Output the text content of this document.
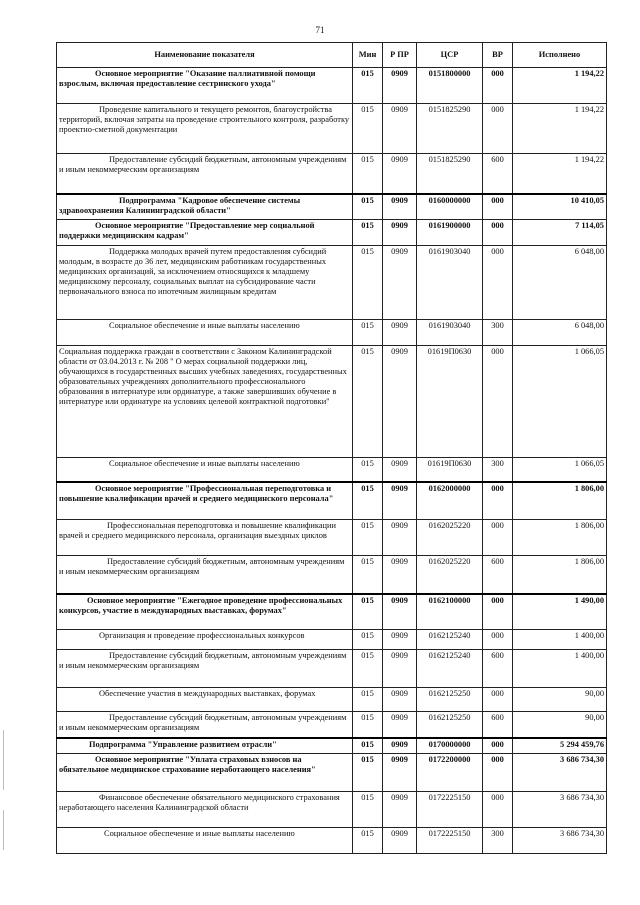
71
Наименование показателя	Мин	Р ПР	ЦСР	ВР	Исполнено
Основное мероприятие "Оказание паллиативной помощи взрослым, включая предоставление сестринского ухода"	015	0909	0151800000	000	1 194,22
Проведение капитального и текущего ремонтов, благоустройства территорий, включая затраты на проведение строительного контроля, разработку проектно-сметной документации	015	0909	0151825290	000	1 194,22
Предоставление субсидий бюджетным, автономным учреждениям и иным некоммерческим организациям	015	0909	0151825290	600	1 194,22
Подпрограмма "Кадровое обеспечение системы здравоохранения Калининградской области"	015	0909	0160000000	000	10 410,05
Основное мероприятие "Предоставление мер социальной поддержки медицинским кадрам"	015	0909	0161900000	000	7 114,05
Поддержка молодых врачей путем предоставления субсидий молодым, в возрасте до 36 лет, медицинским работникам государственных медицинских организаций, за исключением относящихся к младшему медицинскому персоналу, социальных выплат на субсидирование части первоначального взноса по ипотечным жилищным кредитам	015	0909	0161903040	000	6 048,00
Социальное обеспечение и иные выплаты населению	015	0909	0161903040	300	6 048,00
Социальная поддержка граждан в соответствии с Законом Калининградской области от 03.04.2013 г. № 208 " О мерах социальной поддержки лиц, обучающихся в государственных высших учебных заведениях, государственных образовательных учреждениях дополнительного профессионального образования в интернатуре или ординатуре, а также завершивших обучение в интернатуре или ординатуре на условиях целевой контрактной подготовки"	015	0909	01619П0630	000	1 066,05
Социальное обеспечение и иные выплаты населению	015	0909	01619П0630	300	1 066,05
Основное мероприятие "Профессиональная переподготовка и повышение квалификации врачей и среднего медицинского персонала"	015	0909	0162000000	000	1 806,00
Профессиональная переподготовка и повышение квалификации врачей и среднего медицинского персонала, организация выездных циклов	015	0909	0162025220	000	1 806,00
Предоставление субсидий бюджетным, автономным учреждениям и иным некоммерческим организациям	015	0909	0162025220	600	1 806,00
Основное мероприятие "Ежегодное проведение профессиональных конкурсов, участие в международных выставках, форумах"	015	0909	0162100000	000	1 490,00
Организация и проведение профессиональных конкурсов	015	0909	0162125240	000	1 400,00
Предоставление субсидий бюджетным, автономным учреждениям и иным некоммерческим организациям	015	0909	0162125240	600	1 400,00
Обеспечение участия в международных выставках, форумах	015	0909	0162125250	000	90,00
Предоставление субсидий бюджетным, автономным учреждениям и иным некоммерческим организациям	015	0909	0162125250	600	90,00
Подпрограмма "Управление развитием отрасли"	015	0909	0170000000	000	5 294 459,76
Основное мероприятие "Уплата страховых взносов на обязательное медицинское страхование неработающего населения"	015	0909	0172200000	000	3 686 734,30
Финансовое обеспечение обязательного медицинского страхования неработающего населения Калининградской области	015	0909	0172225150	000	3 686 734,30
Социальное обеспечение и иные выплаты населению	015	0909	0172225150	300	3 686 734,30
